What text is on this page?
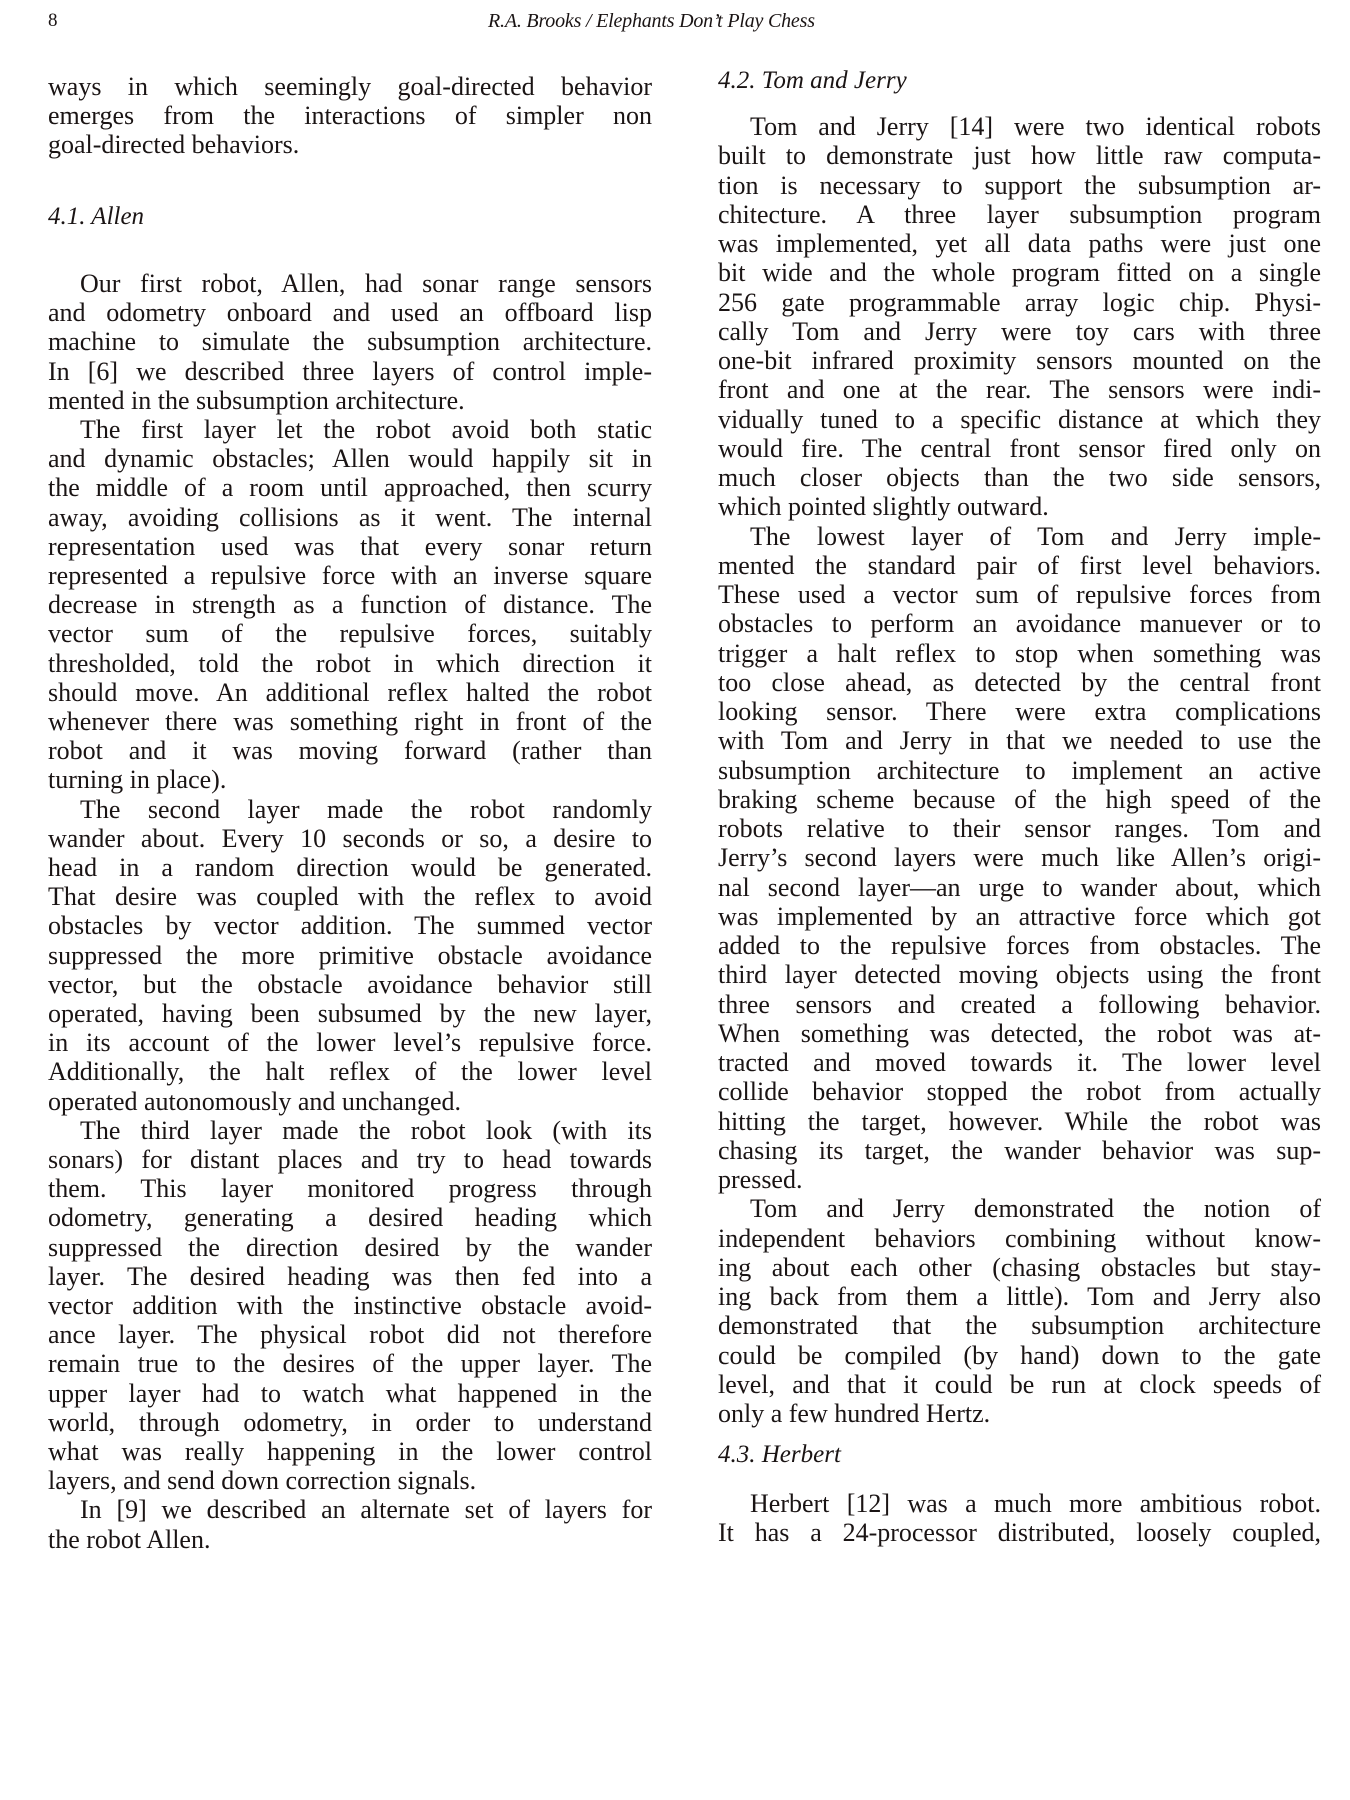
8	R.A. Brooks / Elephants Don’t Play Chess
ways in which seemingly goal-directed behavior
emerges from the interactions of simpler non
goal-directed behaviors.
4.1. Allen
Our first robot, Allen, had sonar range sensors
and odometry onboard and used an offboard lisp
machine to simulate the subsumption architecture.
In [6] we described three layers of control imple-
mented in the subsumption architecture.
The first layer let the robot avoid both static
and dynamic obstacles; Allen would happily sit in
the middle of a room until approached, then scurry
away, avoiding collisions as it went. The internal
representation used was that every sonar return
represented a repulsive force with an inverse square
decrease in strength as a function of distance. The
vector sum of the repulsive forces, suitably
thresholded, told the robot in which direction it
should move. An additional reflex halted the robot
whenever there was something right in front of the
robot and it was moving forward (rather than
turning in place).
The second layer made the robot randomly
wander about. Every 10 seconds or so, a desire to
head in a random direction would be generated.
That desire was coupled with the reflex to avoid
obstacles by vector addition. The summed vector
suppressed the more primitive obstacle avoidance
vector, but the obstacle avoidance behavior still
operated, having been subsumed by the new layer,
in its account of the lower level’s repulsive force.
Additionally, the halt reflex of the lower level
operated autonomously and unchanged.
The third layer made the robot look (with its
sonars) for distant places and try to head towards
them. This layer monitored progress through
odometry, generating a desired heading which
suppressed the direction desired by the wander
layer. The desired heading was then fed into a
vector addition with the instinctive obstacle avoid-
ance layer. The physical robot did not therefore
remain true to the desires of the upper layer. The
upper layer had to watch what happened in the
world, through odometry, in order to understand
what was really happening in the lower control
layers, and send down correction signals.
In [9] we described an alternate set of layers for
the robot Allen.
4.2. Tom and Jerry
Tom and Jerry [14] were two identical robots
built to demonstrate just how little raw computa-
tion is necessary to support the subsumption ar-
chitecture. A three layer subsumption program
was implemented, yet all data paths were just one
bit wide and the whole program fitted on a single
256 gate programmable array logic chip. Physi-
cally Tom and Jerry were toy cars with three
one-bit infrared proximity sensors mounted on the
front and one at the rear. The sensors were indi-
vidually tuned to a specific distance at which they
would fire. The central front sensor fired only on
much closer objects than the two side sensors,
which pointed slightly outward.
The lowest layer of Tom and Jerry imple-
mented the standard pair of first level behaviors.
These used a vector sum of repulsive forces from
obstacles to perform an avoidance manuever or to
trigger a halt reflex to stop when something was
too close ahead, as detected by the central front
looking sensor. There were extra complications
with Tom and Jerry in that we needed to use the
subsumption architecture to implement an active
braking scheme because of the high speed of the
robots relative to their sensor ranges. Tom and
Jerry’s second layers were much like Allen’s origi-
nal second layer—an urge to wander about, which
was implemented by an attractive force which got
added to the repulsive forces from obstacles. The
third layer detected moving objects using the front
three sensors and created a following behavior.
When something was detected, the robot was at-
tracted and moved towards it. The lower level
collide behavior stopped the robot from actually
hitting the target, however. While the robot was
chasing its target, the wander behavior was sup-
pressed.
Tom and Jerry demonstrated the notion of
independent behaviors combining without know-
ing about each other (chasing obstacles but stay-
ing back from them a little). Tom and Jerry also
demonstrated that the subsumption architecture
could be compiled (by hand) down to the gate
level, and that it could be run at clock speeds of
only a few hundred Hertz.
4.3. Herbert
Herbert [12] was a much more ambitious robot.
It has a 24-processor distributed, loosely coupled,
